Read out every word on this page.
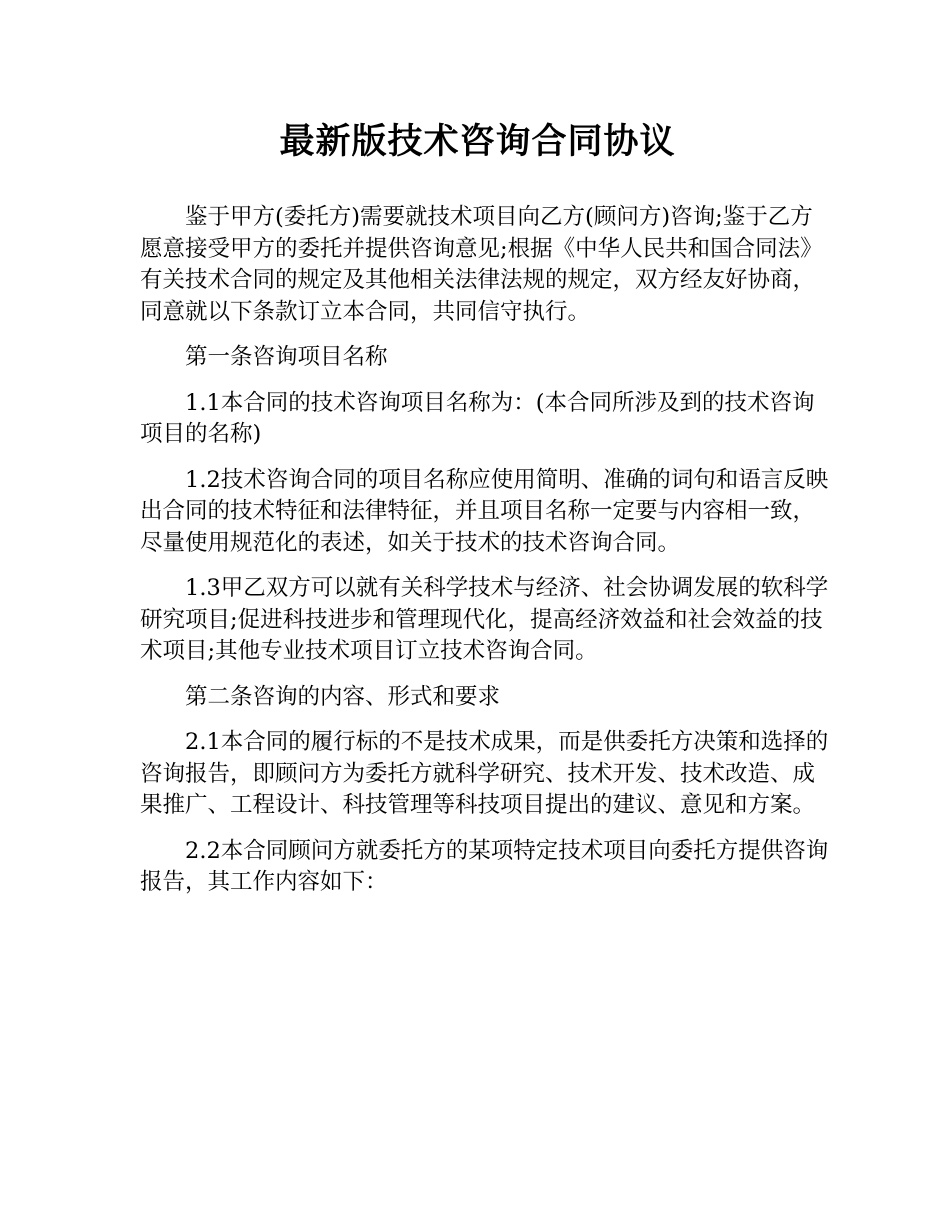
最新版技术咨询合同协议

鉴于甲方(委托方)需要就技术项目向乙方(顾问方)咨询;鉴于乙方愿意接受甲方的委托并提供咨询意见;根据《中华人民共和国合同法》有关技术合同的规定及其他相关法律法规的规定，双方经友好协商，同意就以下条款订立本合同，共同信守执行。

第一条咨询项目名称

1.1本合同的技术咨询项目名称为：(本合同所涉及到的技术咨询项目的名称)

1.2技术咨询合同的项目名称应使用简明、准确的词句和语言反映出合同的技术特征和法律特征，并且项目名称一定要与内容相一致，尽量使用规范化的表述，如关于技术的技术咨询合同。

1.3甲乙双方可以就有关科学技术与经济、社会协调发展的软科学研究项目;促进科技进步和管理现代化，提高经济效益和社会效益的技术项目;其他专业技术项目订立技术咨询合同。

第二条咨询的内容、形式和要求

2.1本合同的履行标的不是技术成果，而是供委托方决策和选择的咨询报告，即顾问方为委托方就科学研究、技术开发、技术改造、成果推广、工程设计、科技管理等科技项目提出的建议、意见和方案。

2.2本合同顾问方就委托方的某项特定技术项目向委托方提供咨询报告，其工作内容如下：
